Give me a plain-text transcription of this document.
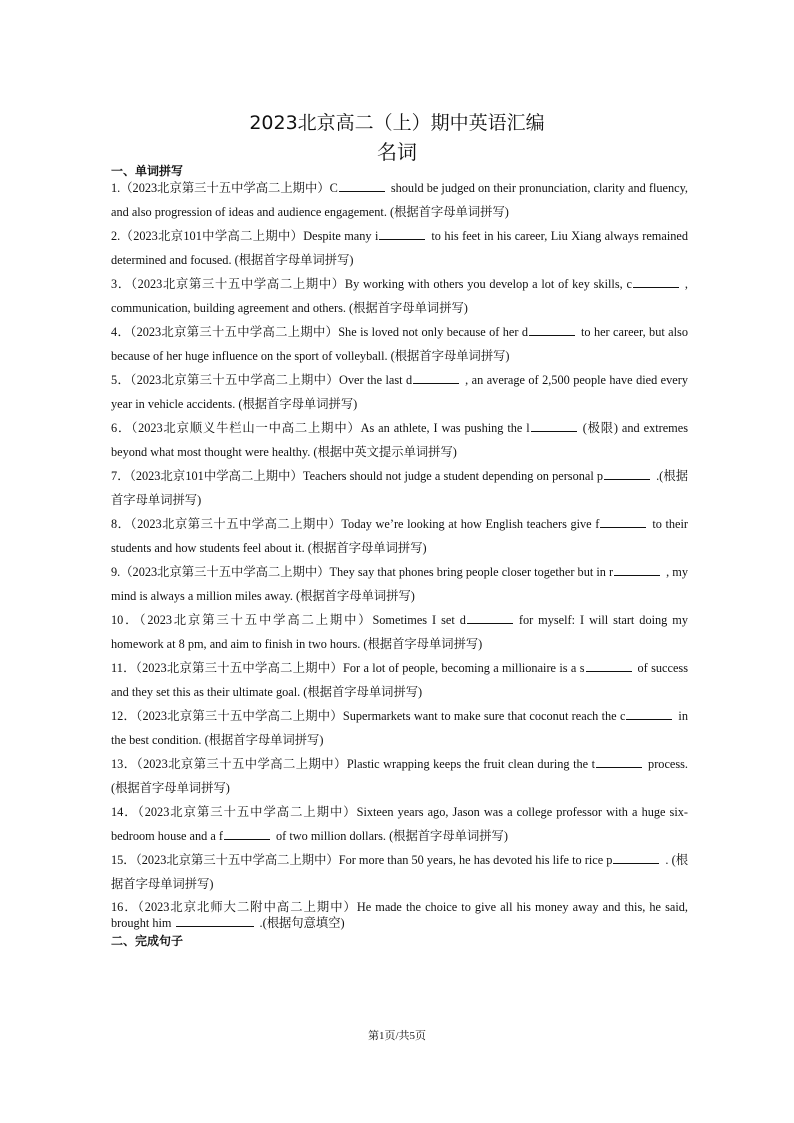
2023北京高二（上）期中英语汇编
名词
一、单词拼写

1.（2023北京第三十五中学高二上期中）C	should be judged on their pronunciation, clarity and fluency, and also progression of ideas and audience engagement. (根据首字母单词拼写)

2.（2023北京101中学高二上期中）Despite many i	to his feet in his career, Liu Xiang always remained determined and focused. (根据首字母单词拼写)

3．（2023北京第三十五中学高二上期中）By working with others you develop a lot of key skills, c	, communication, building agreement and others. (根据首字母单词拼写)

4．（2023北京第三十五中学高二上期中）She is loved not only because of her d	to her career, but also because of her huge influence on the sport of volleyball. (根据首字母单词拼写)

5．（2023北京第三十五中学高二上期中）Over the last d	, an average of 2,500 people have died every year in vehicle accidents. (根据首字母单词拼写)

6．（2023北京顺义牛栏山一中高二上期中）As an athlete, I was pushing the l	(极限) and extremes beyond what most thought were healthy. (根据中英文提示单词拼写)

7．（2023北京101中学高二上期中）Teachers should not judge a student depending on personal p	.(根据首字母单词拼写)

8．（2023北京第三十五中学高二上期中）Today we’re looking at how English teachers give f	to their students and how students feel about it. (根据首字母单词拼写)

9.（2023北京第三十五中学高二上期中）They say that phones bring people closer together but in r	, my mind is always a million miles away. (根据首字母单词拼写)

10．（2023北京第三十五中学高二上期中）Sometimes I set d	for myself: I will start doing my homework at 8 pm, and aim to finish in two hours. (根据首字母单词拼写)

11．（2023北京第三十五中学高二上期中）For a lot of people, becoming a millionaire is a s	of success and they set this as their ultimate goal. (根据首字母单词拼写)

12．（2023北京第三十五中学高二上期中）Supermarkets want to make sure that coconut reach the c	in the best condition. (根据首字母单词拼写)

13．（2023北京第三十五中学高二上期中）Plastic wrapping keeps the fruit clean during the t	process. (根据首字母单词拼写)

14．（2023北京第三十五中学高二上期中）Sixteen years ago, Jason was a college professor with a huge six-bedroom house and a f	of two million dollars. (根据首字母单词拼写)

15．（2023北京第三十五中学高二上期中）For more than 50 years, he has devoted his life to rice p	. (根据首字母单词拼写)

16．（2023北京北师大二附中高二上期中）He made the choice to give all his money away and this, he said, brought him	.(根据句意填空)

二、完成句子
第1页/共5页
